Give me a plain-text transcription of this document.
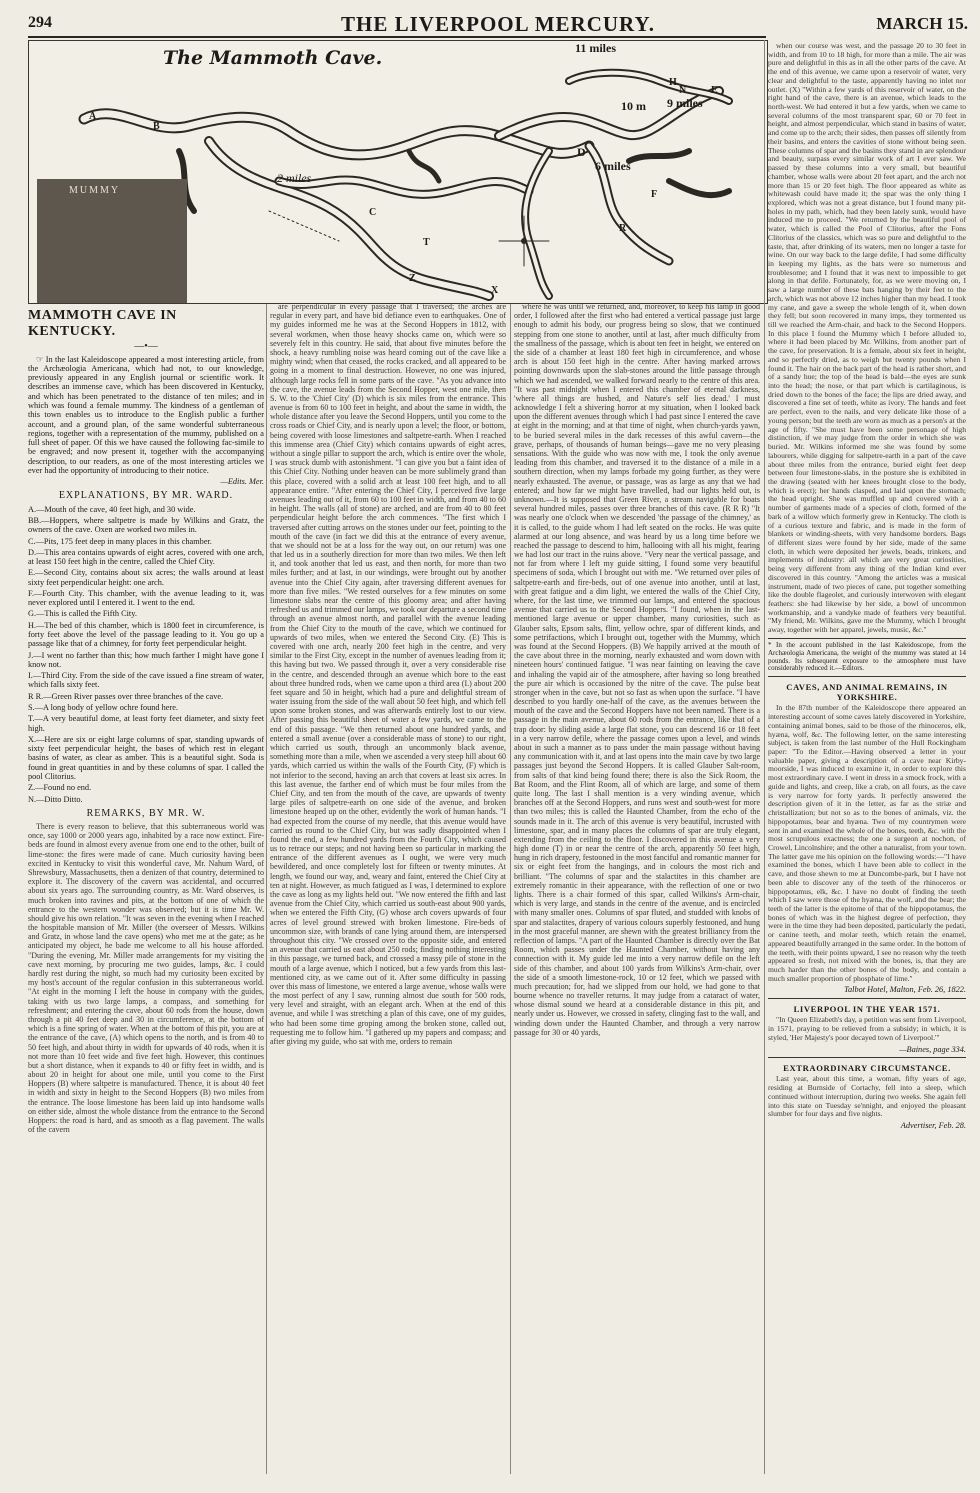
294	THE LIVERPOOL MERCURY.	MARCH 15.
The Mammoth Cave.
MUMMY
11 miles
10 m 9 miles
6 miles
2 miles
A
B
C
D
E
F
H
N
R
T
X
Z
MAMMOTH CAVE IN KENTUCKY.
—•—

☞ In the last Kaleidoscope appeared a most interesting article, from the Archæologia Americana, which had not, to our knowledge, previously appeared in any English journal or scientific work. It describes an immense cave, which has been discovered in Kentucky, and which has been penetrated to the distance of ten miles; and in which was found a female mummy. The kindness of a gentleman of this town enables us to introduce to the English public a further account, and a ground plan, of the same wonderful subterraneous regions, together with a representation of the mummy, published on a full sheet of paper. Of this we have caused the following fac-simile to be engraved; and now present it, together with the accompanying description, to our readers, as one of the most interesting articles we ever had the opportunity of introducing to their notice.

—Edits. Mer.
EXPLANATIONS, BY MR. WARD.

A.—Mouth of the cave, 40 feet high, and 30 wide.

BB.—Hoppers, where saltpetre is made by Wilkins and Gratz, the owners of the cave. Oxen are worked two miles in.

C.—Pits, 175 feet deep in many places in this chamber.

D.—This area contains upwards of eight acres, covered with one arch, at least 150 feet high in the centre, called the Chief City.

E.—Second City, contains about six acres; the walls around at least sixty feet perpendicular height: one arch.

F.—Fourth City. This chamber, with the avenue leading to it, was never explored until I entered it. I went to the end.

G.—This is called the Fifth City.

H.—The bed of this chamber, which is 1800 feet in circumference, is forty feet above the level of the passage leading to it. You go up a passage like that of a chimney, for forty feet perpendicular height.

J.—I went no farther than this; how much farther I might have gone I know not.

I.—Third City. From the side of the cave issued a fine stream of water, which falls sixty feet.

R R.—Green River passes over three branches of the cave.

S.—A long body of yellow ochre found here.

T.—A very beautiful dome, at least forty feet diameter, and sixty feet high.

X.—Here are six or eight large columns of spar, standing upwards of sixty feet perpendicular height, the bases of which rest in elegant basins of water, as clear as amber. This is a beautiful sight. Soda is found in great quantities in and by these columns of spar. I called the pool Clitorius.

Z.—Found no end.

N.—Ditto Ditto.

REMARKS, BY MR. W.

There is every reason to believe, that this subterraneous world was once, say 1000 or 2000 years ago, inhabited by a race now extinct. Fire-beds are found in almost every avenue from one end to the other, built of lime-stone: the fires were made of cane. Much curiosity having been excited in Kentucky to visit this wonderful cave, Mr. Nahum Ward, of Shrewsbury, Massachusetts, then a denizen of that country, determined to explore it. The discovery of the cavern was accidental, and occurred about six years ago. The surrounding country, as Mr. Ward observes, is much broken into ravines and pits, at the bottom of one of which the entrance to the western wonder was observed; but it is time Mr. W. should give his own relation. "It was seven in the evening when I reached the hospitable mansion of Mr. Miller (the overseer of Messrs. Wilkins and Gratz, in whose land the cave opens) who met me at the gate; as he anticipated my object, he bade me welcome to all his house afforded. "During the evening, Mr. Miller made arrangements for my visiting the cave next morning, by procuring me two guides, lamps, &c. I could hardly rest during the night, so much had my curiosity been excited by my host's account of the regular confusion in this subterraneous world. "At eight in the morning I left the house in company with the guides, taking with us two large lamps, a compass, and something for refreshment; and entering the cave, about 60 rods from the house, down through a pit 40 feet deep and 30 in circumference, at the bottom of which is a fine spring of water. When at the bottom of this pit, you are at the entrance of the cave, (A) which opens to the north, and is from 40 to 50 feet high, and about thirty in width for upwards of 40 rods, when it is not more than 10 feet wide and five feet high. However, this continues but a short distance, when it expands to 40 or fifty feet in width, and is about 20 in height for about one mile, until you come to the First Hoppers (B) where saltpetre is manufactured. Thence, it is about 40 feet in width and sixty in height to the Second Hoppers (B) two miles from the entrance. The loose limestone has been laid up into handsome walls on either side, almost the whole distance from the entrance to the Second Hoppers: the road is hard, and as smooth as a flag pavement. The walls of the cavern

are perpendicular in every passage that I traversed; the arches are regular in every part, and have bid defiance even to earthquakes. One of my guides informed me he was at the Second Hoppers in 1812, with several workmen, when those heavy shocks came on, which were so severely felt in this country. He said, that about five minutes before the shock, a heavy rumbling noise was heard coming out of the cave like a mighty wind; when that ceased, the rocks cracked, and all appeared to be going in a moment to final destruction. However, no one was injured, although large rocks fell in some parts of the cave. "As you advance into the cave, the avenue leads from the Second Hopper, west one mile, then S. W. to the 'Chief City' (D) which is six miles from the entrance. This avenue is from 60 to 100 feet in height, and about the same in width, the whole distance after you leave the Second Hoppers, until you come to the cross roads or Chief City, and is nearly upon a level; the floor, or bottom, being covered with loose limestones and saltpetre-earth. When I reached this immense area (Chief City) which contains upwards of eight acres, without a single pillar to support the arch, which is entire over the whole, I was struck dumb with astonishment. "I can give you but a faint idea of this Chief City. Nothing under heaven can be more sublimely grand than this place, covered with a solid arch at least 100 feet high, and to all appearance entire. "After entering the Chief City, I perceived five large avenues leading out of it, from 60 to 100 feet in width, and from 40 to 60 in height. The walls (all of stone) are arched, and are from 40 to 80 feet perpendicular height before the arch commences. "The first which I traversed after cutting arrows on the stones under our feet, pointing to the mouth of the cave (in fact we did this at the entrance of every avenue, that we should not be at a loss for the way out, on our return) was one that led us in a southerly direction for more than two miles. We then left it, and took another that led us east, and then north, for more than two miles further; and at last, in our windings, were brought out by another avenue into the Chief City again, after traversing different avenues for more than five miles. "We rested ourselves for a few minutes on some limestone slabs near the centre of this gloomy area; and after having refreshed us and trimmed our lamps, we took our departure a second time through an avenue almost north, and parallel with the avenue leading from the Chief City to the mouth of the cave, which we continued for upwards of two miles, when we entered the Second City. (E) This is covered with one arch, nearly 200 feet high in the centre, and very similar to the First City, except in the number of avenues leading from it; this having but two. We passed through it, over a very considerable rise in the centre, and descended through an avenue which bore to the east about three hundred rods, when we came upon a third area (I.) about 200 feet square and 50 in height, which had a pure and delightful stream of water issuing from the side of the wall about 50 feet high, and which fell upon some broken stones, and was afterwards entirely lost to our view. After passing this beautiful sheet of water a few yards, we came to the end of this passage. "We then returned about one hundred yards, and entered a small avenue (over a considerable mass of stone) to our right, which carried us south, through an uncommonly black avenue, something more than a mile, when we ascended a very steep hill about 60 yards, which carried us within the walls of the Fourth City, (F) which is not inferior to the second, having an arch that covers at least six acres. In this last avenue, the farther end of which must be four miles from the Chief City, and ten from the mouth of the cave, are upwards of twenty large piles of saltpetre-earth on one side of the avenue, and broken limestone heaped up on the other, evidently the work of human hands. "I had expected from the course of my needle, that this avenue would have carried us round to the Chief City, but was sadly disappointed when I found the end, a few hundred yards from the Fourth City, which caused us to retrace our steps; and not having been so particular in marking the entrance of the different avenues as I ought, we were very much bewildered, and once completely lost for fifteen or twenty minutes. At length, we found our way, and, weary and faint, entered the Chief City at ten at night. However, as much fatigued as I was, I determined to explore the cave as long as my lights held out. "We now entered the fifth and last avenue from the Chief City, which carried us south-east about 900 yards, when we entered the Fifth City, (G) whose arch covers upwards of four acres of level ground strewed with broken limestone. Fire-beds of uncommon size, with brands of cane lying around them, are interspersed throughout this city. "We crossed over to the opposite side, and entered an avenue that carried us east about 250 rods; finding nothing interesting in this passage, we turned back, and crossed a massy pile of stone in the mouth of a large avenue, which I noticed, but a few yards from this last-mentioned city, as we came out of it. After some difficulty in passing over this mass of limestone, we entered a large avenue, whose walls were the most perfect of any I saw, running almost due south for 500 rods, very level and straight, with an elegant arch. When at the end of this avenue, and while I was stretching a plan of this cave, one of my guides, who had been some time groping among the broken stone, called out, requesting me to follow him. "I gathered up my papers and compass; and after giving my guide, who sat with me, orders to remain

where he was until we returned, and, moreover, to keep his lamp in good order, I followed after the first who had entered a vertical passage just large enough to admit his body, our progress being so slow, that we continued stepping from one stone to another, until at last, after much difficulty from the smallness of the passage, which is about ten feet in height, we entered on the side of a chamber at least 180 feet high in circumference, and whose arch is about 150 feet high in the centre. After having marked arrows pointing downwards upon the slab-stones around the little passage through which we had ascended, we walked forward nearly to the centre of this area. "It was past midnight when I entered this chamber of eternal darkness, 'where all things are hushed, and Nature's self lies dead.' I must acknowledge I felt a shivering horror at my situation, when I looked back upon the different avenues through which I had past since I entered the cave at eight in the morning; and at that time of night, when church-yards yawn, to be buried several miles in the dark recesses of this awful cavern—the grave, perhaps, of thousands of human beings—gave me no very pleasing sensations. With the guide who was now with me, I took the only avenue leading from this chamber, and traversed it to the distance of a mile in a southern direction, when my lamps forbade my going further, as they were nearly exhausted. The avenue, or passage, was as large as any that we had entered; and how far we might have travelled, had our lights held out, is unknown.—It is supposed that Green River, a stream navigable for boats several hundred miles, passes over three branches of this cave. (R R R) "It was nearly one o'clock when we descended 'the passage of the chimney,' as it is called, to the guide whom I had left seated on the rocks. He was quite alarmed at our long absence, and was heard by us a long time before we reached the passage to descend to him, hallooing with all his might, fearing we had lost our tract in the ruins above. "Very near the vertical passage, and not far from where I left my guide sitting, I found some very beautiful specimens of soda, which I brought out with me. "We returned over piles of saltpetre-earth and fire-beds, out of one avenue into another, until at last, with great fatigue and a dim light, we entered the walls of the Chief City, where, for the last time, we trimmed our lamps, and entered the spacious avenue that carried us to the Second Hoppers. "I found, when in the last-mentioned large avenue or upper chamber, many curiosities, such as Glauber salts, Epsom salts, flint, yellow ochre, spar of different kinds, and some petrifactions, which I brought out, together with the Mummy, which was found at the Second Hoppers. (B) We happily arrived at the mouth of the cave about three in the morning, nearly exhausted and worn down with nineteen hours' continued fatigue. "I was near fainting on leaving the cave and inhaling the vapid air of the atmosphere, after having so long breathed the pure air which is occasioned by the nitre of the cave. The pulse beat stronger when in the cave, but not so fast as when upon the surface. "I have described to you hardly one-half of the cave, as the avenues between the mouth of the cave and the Second Hoppers have not been named. There is a passage in the main avenue, about 60 rods from the entrance, like that of a trap door: by sliding aside a large flat stone, you can descend 16 or 18 feet in a very narrow defile, where the passage comes upon a level, and winds about in such a manner as to pass under the main passage without having any communication with it, and at last opens into the main cave by two large passages just beyond the Second Hoppers. It is called Glauber Salt-room, from salts of that kind being found there; there is also the Sick Room, the Bat Room, and the Flint Room, all of which are large, and some of them quite long. The last I shall mention is a very winding avenue, which branches off at the Second Hoppers, and runs west and south-west for more than two miles; this is called the Haunted Chamber, from the echo of the sounds made in it. The arch of this avenue is very beautiful, incrusted with limestone, spar, and in many places the columns of spar are truly elegant, extending from the ceiling to the floor. I discovered in this avenue a very high dome (T) in or near the centre of the arch, apparently 50 feet high, hung in rich drapery, festooned in the most fanciful and romantic manner for six or eight feet from the hangings, and in colours the most rich and brilliant. "The columns of spar and the stalactites in this chamber are extremely romantic in their appearance, with the reflection of one or two lights. There is a chair formed of this spar, called Wilkins's Arm-chair, which is very large, and stands in the centre of the avenue, and is encircled with many smaller ones. Columns of spar fluted, and studded with knobs of spar and stalactites, drapery of various colours superbly festooned, and hung in the most graceful manner, are shewn with the greatest brilliancy from the reflection of lamps. "A part of the Haunted Chamber is directly over the Bat Room, which passes under the Haunted Chamber, without having any connection with it. My guide led me into a very narrow defile on the left side of this chamber, and about 100 yards from Wilkins's Arm-chair, over the side of a smooth limestone-rock, 10 or 12 feet, which we passed with much precaution; for, had we slipped from our hold, we had gone to that bourne whence no traveller returns. It may judge from a cataract of water, whose dismal sound we heard at a considerable distance in this pit, and nearly under us. However, we crossed in safety, clinging fast to the wall, and winding down under the Haunted Chamber, and through a very narrow passage for 30 or 40 yards,

when our course was west, and the passage 20 to 30 feet in width, and from 10 to 18 high, for more than a mile. The air was pure and delightful in this as in all the other parts of the cave. At the end of this avenue, we came upon a reservoir of water, very clear and delightful to the taste, apparently having no inlet nor outlet. (X) "Within a few yards of this reservoir of water, on the right hand of the cave, there is an avenue, which leads to the north-west. We had entered it but a few yards, when we came to several columns of the most transparent spar, 60 or 70 feet in height, and almost perpendicular, which stand in basins of water, and come up to the arch; their sides, then passes off silently from their basins, and enters the cavities of stone without being seen. These columns of spar and the basins they stand in are splendour and beauty, surpass every similar work of art I ever saw. We passed by these columns into a very small, but beautiful chamber, whose walls were about 20 feet apart, and the arch not more than 15 or 20 feet high. The floor appeared as white as whitewash could have made it; the spar was the only thing I explored, which was not a great distance, but I found many pit-holes in my path, which, had they been lately sunk, would have induced me to proceed. "We returned by the beautiful pool of water, which is called the Pool of Clitorius, after the Fons Clitorius of the classics, which was so pure and delightful to the taste, that, after drinking of its waters, men no longer a taste for wine. On our way back to the large defile, I had some difficulty in keeping my lights, as the bats were so numerous and troublesome; and I found that it was next to impossible to get along in that defile. Fortunately, for, as we were moving on, I saw a large number of these bats hanging by their feet to the arch, which was not above 12 inches higher than my head. I took my cane, and gave a sweep the whole length of it, when down they fell; but soon recovered in many imps, they tormented us till we reached the Arm-chair, and back to the Second Hoppers. In this place I found the Mummy which I before alluded to, where it had been placed by Mr. Wilkins, from another part of the cave, for preservation. It is a female, about six feet in height, and so perfectly dried, as to weigh but twenty pounds when I found it. The hair on the back part of the head is rather short, and of a sandy hue; the top of the head is bald—the eyes are sunk into the head; the nose, or that part which is cartilaginous, is dried down to the bones of the face; the lips are dried away, and discovered a fine set of teeth, white as ivory. The hands and feet are perfect, even to the nails, and very delicate like those of a young person; but the teeth are worn as much as a person's at the age of fifty. "She must have been some personage of high distinction, if we may judge from the order in which she was buried. Mr. Wilkins informed me she was found by some labourers, while digging for saltpetre-earth in a part of the cave about three miles from the entrance, buried eight feet deep between four limestone-slabs, in the posture she is exhibited in the drawing (seated with her knees brought close to the body, which is erect); her hands clasped, and laid upon the stomach; the head upright. She was muffled up and covered with a number of garments made of a species of cloth, formed of the bark of a willow which formerly grew in Kentucky. The cloth is of a curious texture and fabric, and is made in the form of blankets or winding-sheets, with very handsome borders. Bags of different sizes were found by her side, made of the same cloth, in which were deposited her jewels, beads, trinkets, and implements of industry: all which are very great curiosities, being very different from any thing of the Indian kind ever discovered in this country. "Among the articles was a musical instrument, made of two pieces of cane, put together something like the double flageolet, and curiously interwoven with elegant feathers: she had likewise by her side, a bowl of uncommon workmanship, and a vandyke made of feathers very beautiful. "My friend, Mr. Wilkins, gave me the Mummy, which I brought away, together with her apparel, jewels, music, &c."

* In the account published in the last Kaleidoscope, from the Archæologia Americana, the weight of the mummy was stated at 14 pounds. Its subsequent exposure to the atmosphere must have considerably reduced it.—Editors.
CAVES, AND ANIMAL REMAINS, IN YORKSHIRE.

In the 87th number of the Kaleidoscope there appeared an interesting account of some caves lately discovered in Yorkshire, containing animal bones, said to be those of the rhinoceros, elk, hyæna, wolf, &c. The following letter, on the same interesting subject, is taken from the last number of the Hull Rockingham paper: "To the Editor.—Having observed a letter in your valuable paper, giving a description of a cave near Kirby-moorside, I was induced to examine it, in order to explore this most extraordinary cave. I went in dress in a smock frock, with a guide and lights, and creep, like a crab, on all fours, as the cave is very narrow for forty yards. It perfectly answered the description given of it in the letter, as far as the striæ and christallization; but not so as to the bones of animals, viz. the hippopotamus, bear and hyæna. Two of my countrymen were sent in and examined the whole of the bones, teeth, &c. with the most scrupulous exactness; the one a surgeon at nochon, of Crowel, Lincolnshire; and the other a naturalist, from your town. The latter gave me his opinion on the following words:—"I have examined the bones, which I have been able to collect in the cave, and those shewn to me at Duncombe-park, but I have not been able to discover any of the teeth of the rhinoceros or hippopotamus, elk, &c. I have no doubt of finding the teeth which I saw were those of the hyæna, the wolf, and the bear; the teeth of the latter is the epitome of that of the hippopotamus, the bones of which was in the highest degree of perfection, they were in the time they had been deposited, particularly the pedati, or canine teeth, and molar teeth, which retain the enamel, appeared beautifully arranged in the same order. In the bottom of the teeth, with their points upward, I see no reason why the teeth appeared so fresh, not mixed with the bones, is, that they are much harder than the other bones of the body, and contain a much smaller proportion of phosphate of lime."

Talbot Hotel, Malton, Feb. 26, 1822.
LIVERPOOL IN THE YEAR 1571.

"In Queen Elizabeth's day, a petition was sent from Liverpool, in 1571, praying to be relieved from a subsidy; in which, it is styled, 'Her Majesty's poor decayed town of Liverpool.'"

—Baines, page 334.
EXTRAORDINARY CIRCUMSTANCE.

Last year, about this time, a woman, fifty years of age, residing at Burnside of Cortachy, fell into a sleep, which continued without interruption, during two weeks. She again fell into this state on Tuesday se'nnight, and enjoyed the pleasant slumber for four days and five nights.

Advertiser, Feb. 28.
